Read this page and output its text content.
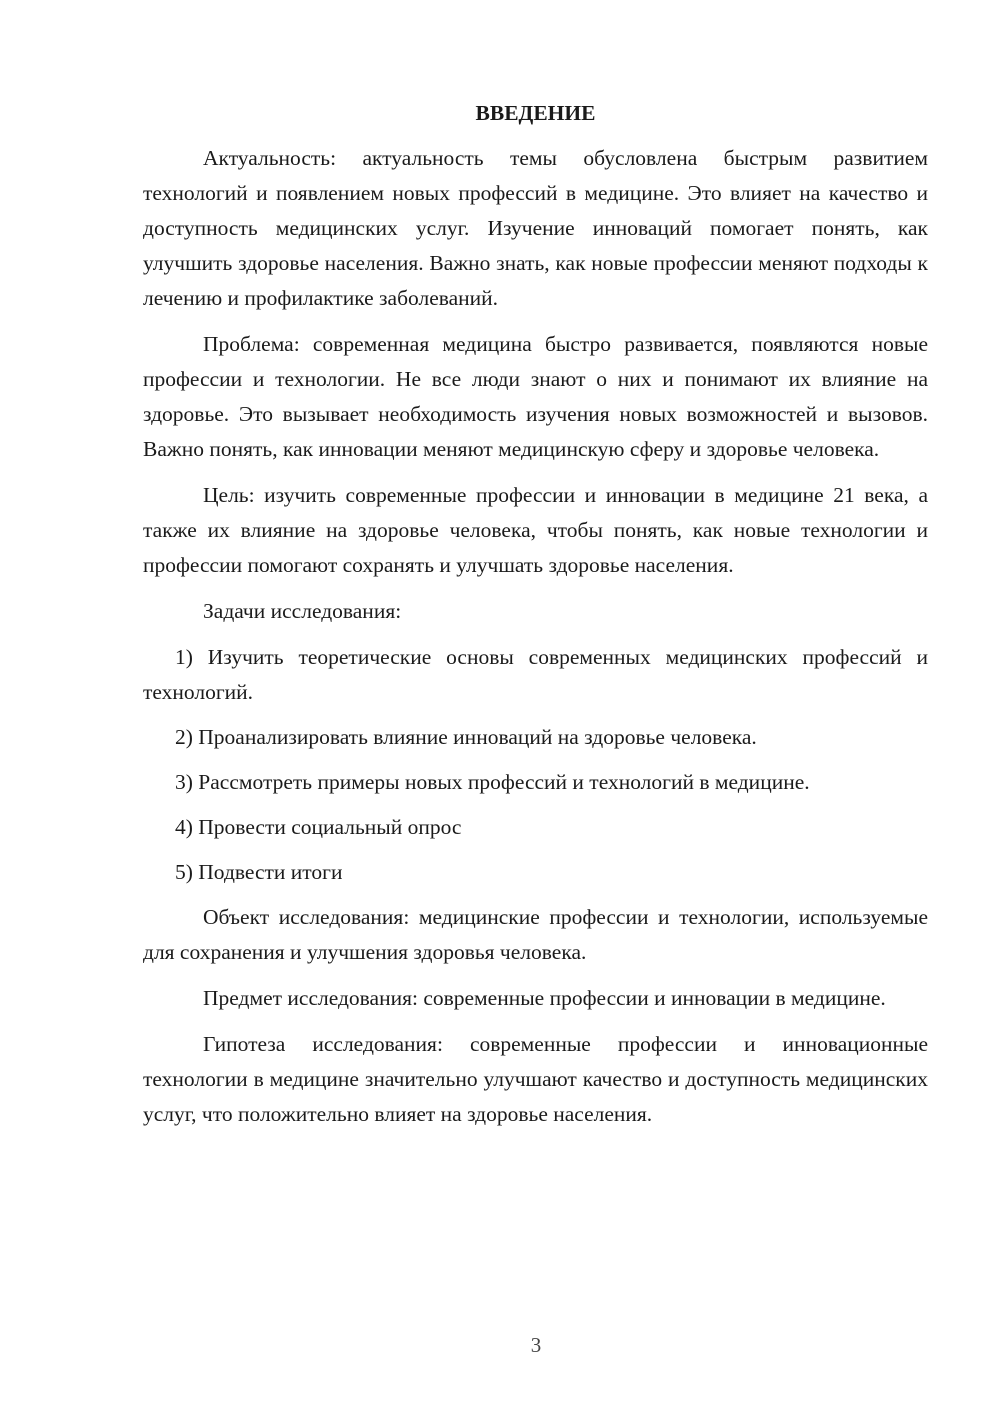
ВВЕДЕНИЕ

Актуальность: актуальность темы обусловлена быстрым развитием технологий и появлением новых профессий в медицине. Это влияет на качество и доступность медицинских услуг. Изучение инноваций помогает понять, как улучшить здоровье населения. Важно знать, как новые профессии меняют подходы к лечению и профилактике заболеваний.

Проблема: современная медицина быстро развивается, появляются новые профессии и технологии. Не все люди знают о них и понимают их влияние на здоровье. Это вызывает необходимость изучения новых возможностей и вызовов. Важно понять, как инновации меняют медицинскую сферу и здоровье человека.

Цель: изучить современные профессии и инновации в медицине 21 века, а также их влияние на здоровье человека, чтобы понять, как новые технологии и профессии помогают сохранять и улучшать здоровье населения.

Задачи исследования:

1) Изучить теоретические основы современных медицинских профессий и технологий.

2) Проанализировать влияние инноваций на здоровье человека.

3) Рассмотреть примеры новых профессий и технологий в медицине.

4) Провести социальный опрос

5) Подвести итоги

Объект исследования: медицинские профессии и технологии, используемые для сохранения и улучшения здоровья человека.

Предмет исследования: современные профессии и инновации в медицине.

Гипотеза исследования: современные профессии и инновационные технологии в медицине значительно улучшают качество и доступность медицинских услуг, что положительно влияет на здоровье населения.

3
